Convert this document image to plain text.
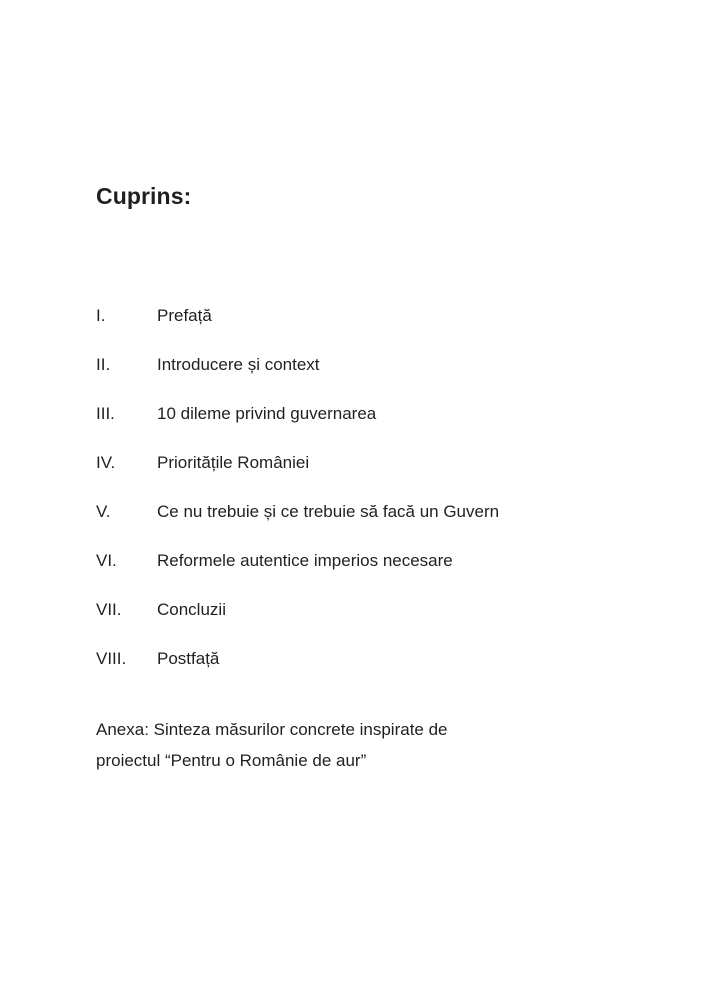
Cuprins:
I.	Prefață
II.	Introducere și context
III.	10 dileme privind guvernarea
IV.	Prioritățile României
V.	Ce nu trebuie și ce trebuie să facă un Guvern
VI.	Reformele autentice imperios necesare
VII.	Concluzii
VIII.	Postfață

Anexa: Sinteza măsurilor concrete inspirate de
proiectul “Pentru o Românie de aur”
